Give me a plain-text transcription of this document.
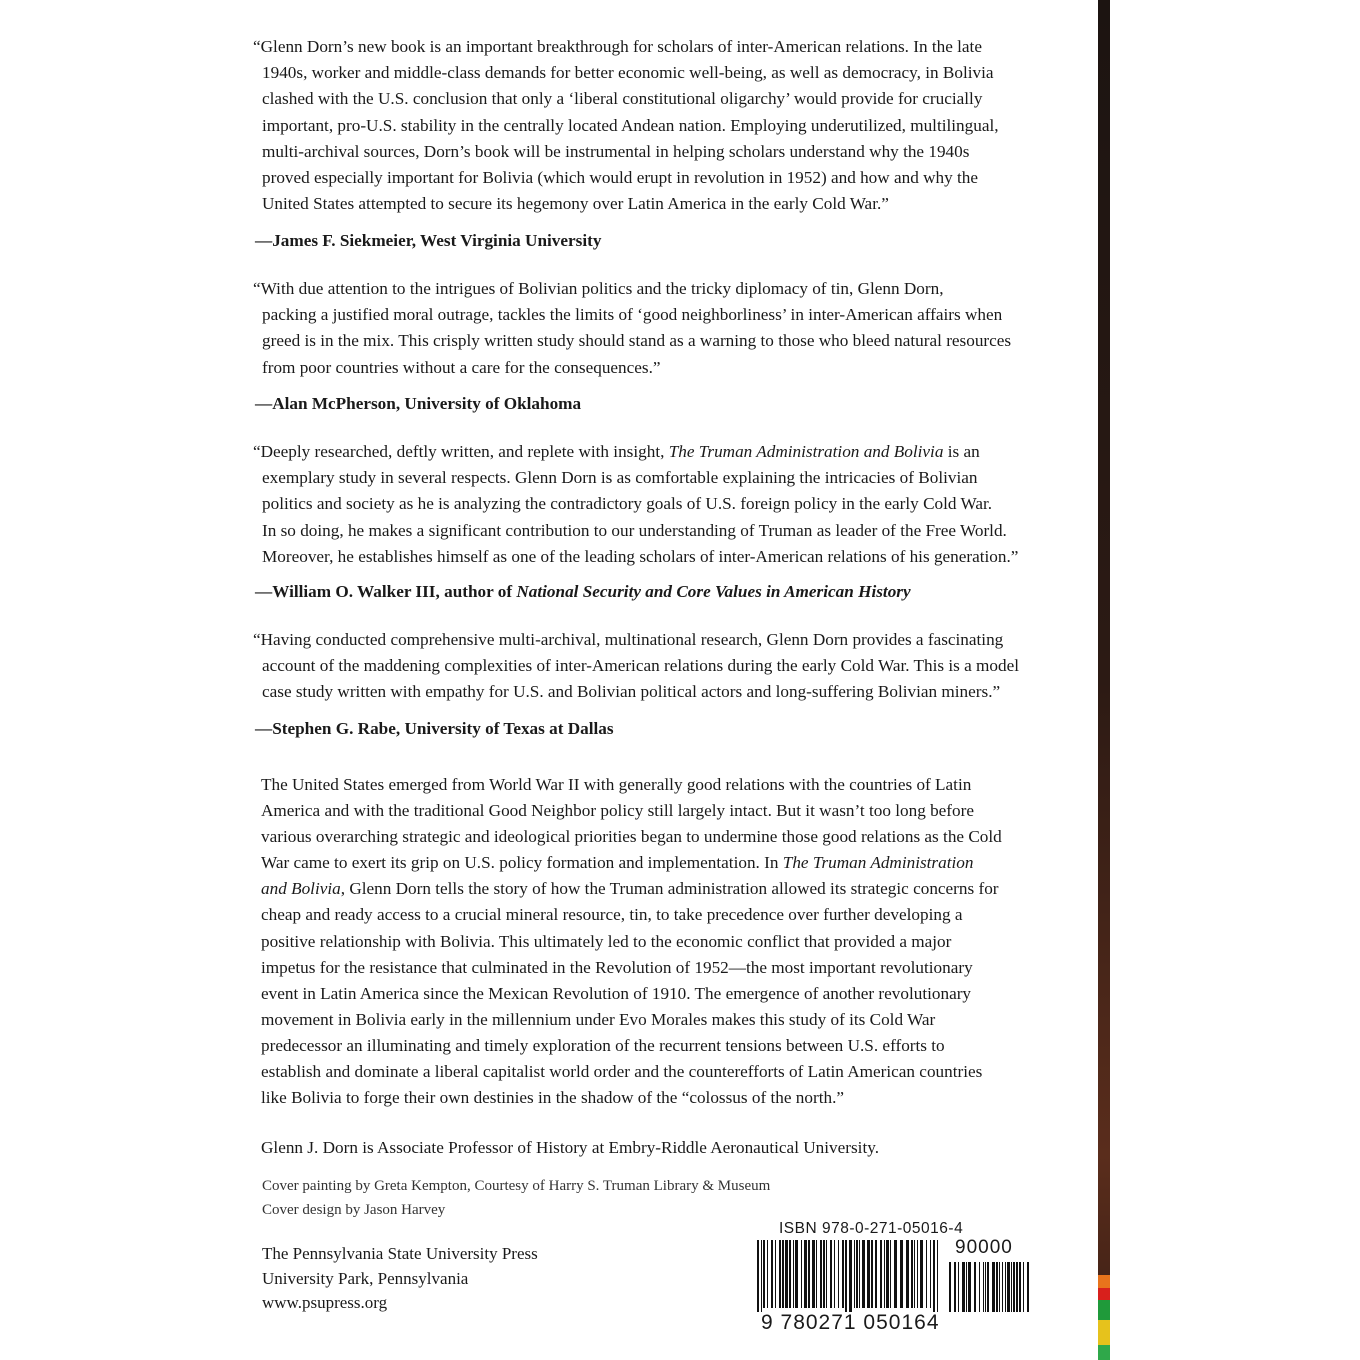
“Glenn Dorn’s new book is an important breakthrough for scholars of inter-American relations. In the late
1940s, worker and middle-class demands for better economic well-being, as well as democracy, in Bolivia
clashed with the U.S. conclusion that only a ‘liberal constitutional oligarchy’ would provide for crucially
important, pro-U.S. stability in the centrally located Andean nation. Employing underutilized, multilingual,
multi-archival sources, Dorn’s book will be instrumental in helping scholars understand why the 1940s
proved especially important for Bolivia (which would erupt in revolution in 1952) and how and why the
United States attempted to secure its hegemony over Latin America in the early Cold War.”

—James F. Siekmeier, West Virginia University

“With due attention to the intrigues of Bolivian politics and the tricky diplomacy of tin, Glenn Dorn,
packing a justified moral outrage, tackles the limits of ‘good neighborliness’ in inter-American affairs when
greed is in the mix. This crisply written study should stand as a warning to those who bleed natural resources
from poor countries without a care for the consequences.”

—Alan McPherson, University of Oklahoma

“Deeply researched, deftly written, and replete with insight, The Truman Administration and Bolivia is an
exemplary study in several respects. Glenn Dorn is as comfortable explaining the intricacies of Bolivian
politics and society as he is analyzing the contradictory goals of U.S. foreign policy in the early Cold War.
In so doing, he makes a significant contribution to our understanding of Truman as leader of the Free World.
Moreover, he establishes himself as one of the leading scholars of inter-American relations of his generation.”

—William O. Walker III, author of National Security and Core Values in American History

“Having conducted comprehensive multi-archival, multinational research, Glenn Dorn provides a fascinating
account of the maddening complexities of inter-American relations during the early Cold War. This is a model
case study written with empathy for U.S. and Bolivian political actors and long-suffering Bolivian miners.”

—Stephen G. Rabe, University of Texas at Dallas

The United States emerged from World War II with generally good relations with the countries of Latin
America and with the traditional Good Neighbor policy still largely intact. But it wasn’t too long before
various overarching strategic and ideological priorities began to undermine those good relations as the Cold
War came to exert its grip on U.S. policy formation and implementation. In The Truman Administration
and Bolivia, Glenn Dorn tells the story of how the Truman administration allowed its strategic concerns for
cheap and ready access to a crucial mineral resource, tin, to take precedence over further developing a
positive relationship with Bolivia. This ultimately led to the economic conflict that provided a major
impetus for the resistance that culminated in the Revolution of 1952—the most important revolutionary
event in Latin America since the Mexican Revolution of 1910. The emergence of another revolutionary
movement in Bolivia early in the millennium under Evo Morales makes this study of its Cold War
predecessor an illuminating and timely exploration of the recurrent tensions between U.S. efforts to
establish and dominate a liberal capitalist world order and the counterefforts of Latin American countries
like Bolivia to forge their own destinies in the shadow of the “colossus of the north.”

Glenn J. Dorn is Associate Professor of History at Embry-Riddle Aeronautical University.

Cover painting by Greta Kempton, Courtesy of Harry S. Truman Library & Museum
Cover design by Jason Harvey

The Pennsylvania State University Press
University Park, Pennsylvania
www.psupress.org

ISBN 978-0-271-05016-4
90000
9 780271 050164
